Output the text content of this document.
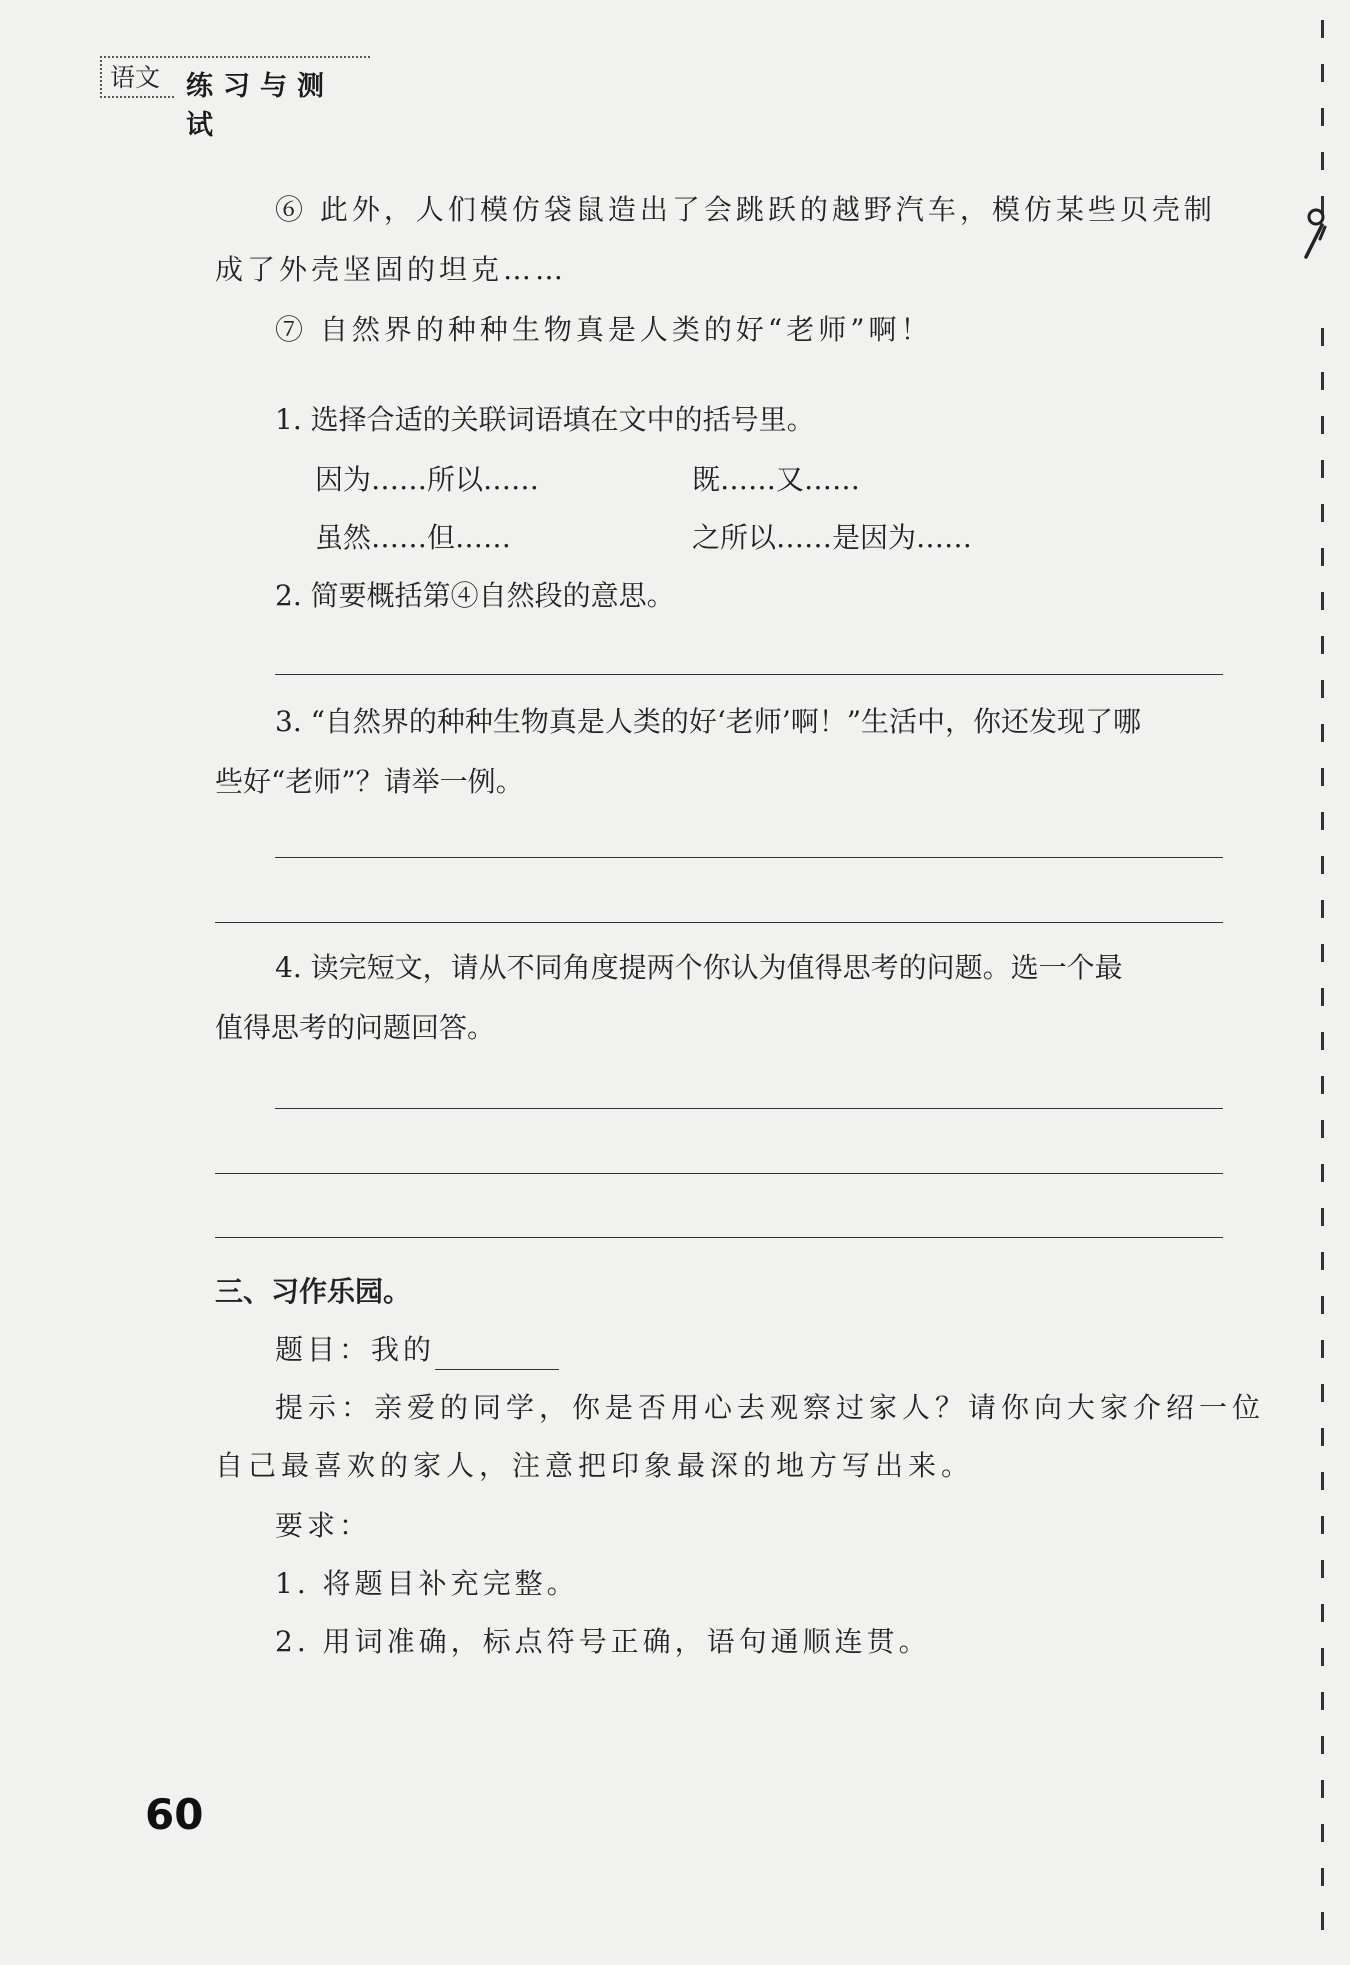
语文 练习与测试
⑥ 此外，人们模仿袋鼠造出了会跳跃的越野汽车，模仿某些贝壳制
成了外壳坚固的坦克……
⑦ 自然界的种种生物真是人类的好“老师”啊！
1. 选择合适的关联词语填在文中的括号里。
因为……所以……	既……又……
虽然……但……	之所以……是因为……
2. 简要概括第④自然段的意思。
3. “自然界的种种生物真是人类的好‘老师’啊！”生活中，你还发现了哪
些好“老师”？请举一例。
4. 读完短文，请从不同角度提两个你认为值得思考的问题。选一个最
值得思考的问题回答。
三、习作乐园。
题目：我的
提示：亲爱的同学，你是否用心去观察过家人？请你向大家介绍一位
自己最喜欢的家人，注意把印象最深的地方写出来。
要求：
1. 将题目补充完整。
2. 用词准确，标点符号正确，语句通顺连贯。
60
